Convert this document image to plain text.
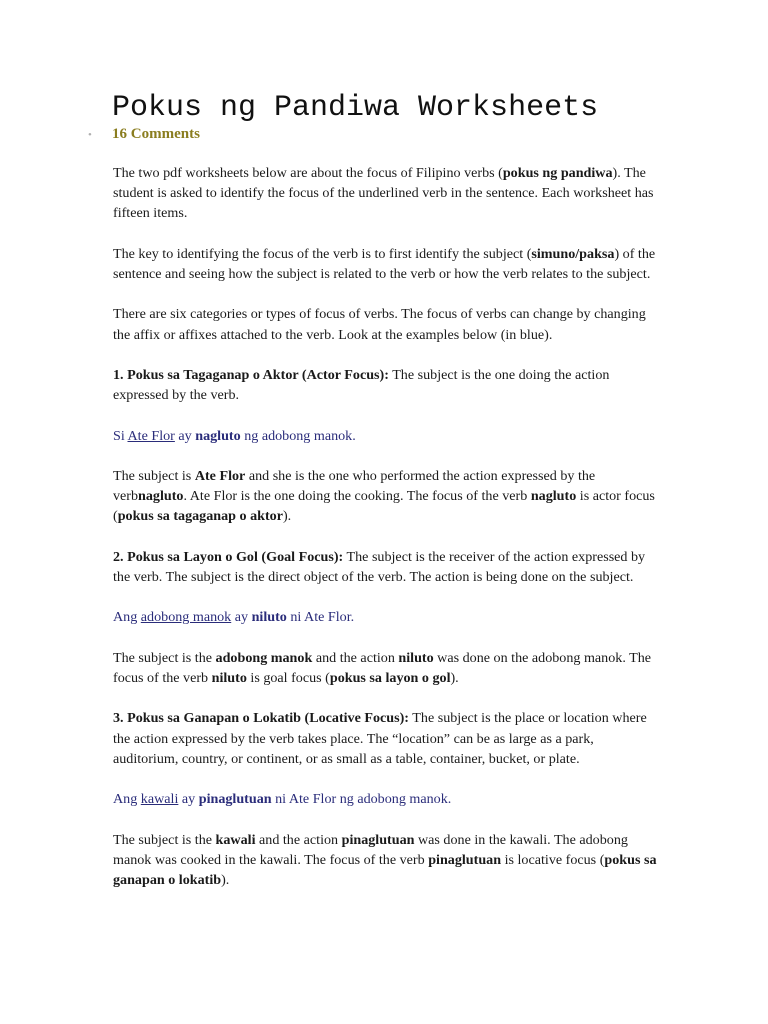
Pokus ng Pandiwa Worksheets
• 16 Comments

The two pdf worksheets below are about the focus of Filipino verbs (pokus ng pandiwa). The student is asked to identify the focus of the underlined verb in the sentence. Each worksheet has fifteen items.

The key to identifying the focus of the verb is to first identify the subject (simuno/paksa) of the sentence and seeing how the subject is related to the verb or how the verb relates to the subject.

There are six categories or types of focus of verbs. The focus of verbs can change by changing the affix or affixes attached to the verb. Look at the examples below (in blue).

1. Pokus sa Tagaganap o Aktor (Actor Focus): The subject is the one doing the action expressed by the verb.

Si Ate Flor ay nagluto ng adobong manok.

The subject is Ate Flor and she is the one who performed the action expressed by the verbnagluto. Ate Flor is the one doing the cooking. The focus of the verb nagluto is actor focus (pokus sa tagaganap o aktor).

2. Pokus sa Layon o Gol (Goal Focus): The subject is the receiver of the action expressed by the verb. The subject is the direct object of the verb. The action is being done on the subject.

Ang adobong manok ay niluto ni Ate Flor.

The subject is the adobong manok and the action niluto was done on the adobong manok. The focus of the verb niluto is goal focus (pokus sa layon o gol).

3. Pokus sa Ganapan o Lokatib (Locative Focus): The subject is the place or location where the action expressed by the verb takes place. The “location” can be as large as a park, auditorium, country, or continent, or as small as a table, container, bucket, or plate.

Ang kawali ay pinaglutuan ni Ate Flor ng adobong manok.

The subject is the kawali and the action pinaglutuan was done in the kawali. The adobong manok was cooked in the kawali. The focus of the verb pinaglutuan is locative focus (pokus sa ganapan o lokatib).
